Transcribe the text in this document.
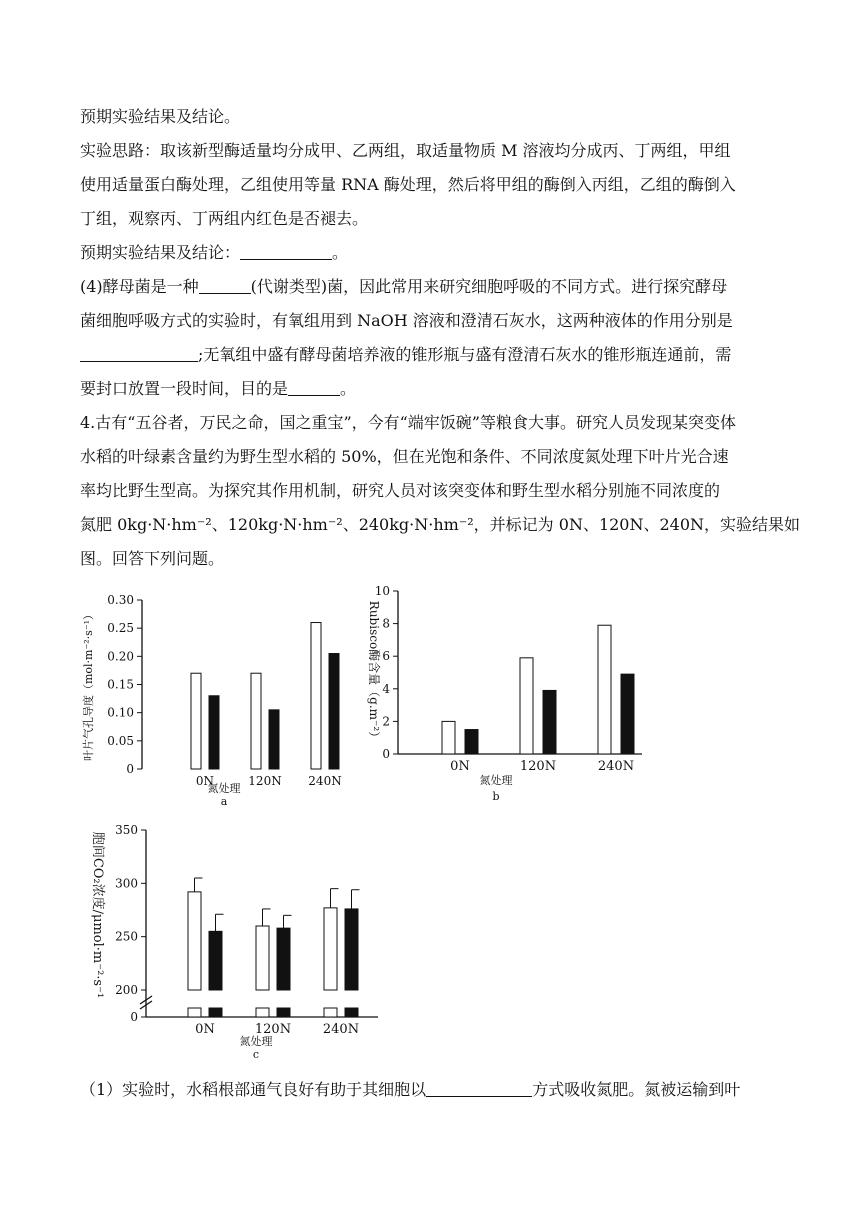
预期实验结果及结论。
实验思路：取该新型酶适量均分成甲、乙两组，取适量物质 M 溶液均分成丙、丁两组，甲组
使用适量蛋白酶处理，乙组使用等量 RNA 酶处理，然后将甲组的酶倒入丙组，乙组的酶倒入
丁组，观察丙、丁两组内红色是否褪去。
预期实验结果及结论：	。
(4)酵母菌是一种	(代谢类型)菌，因此常用来研究细胞呼吸的不同方式。进行探究酵母
菌细胞呼吸方式的实验时，有氧组用到 NaOH 溶液和澄清石灰水，这两种液体的作用分别是
;无氧组中盛有酵母菌培养液的锥形瓶与盛有澄清石灰水的锥形瓶连通前，需
要封口放置一段时间，目的是	。
4.古有“五谷者，万民之命，国之重宝”，今有“端牢饭碗”等粮食大事。研究人员发现某突变体
水稻的叶绿素含量约为野生型水稻的 50%，但在光饱和条件、不同浓度氮处理下叶片光合速
率均比野生型高。为探究其作用机制，研究人员对该突变体和野生型水稻分别施不同浓度的
氮肥 0kg·N·hm⁻²、120kg·N·hm⁻²、240kg·N·hm⁻²，并标记为 0N、120N、240N，实验结果如
图。回答下列问题。
（1）实验时，水稻根部通气良好有助于其细胞以	方式吸收氮肥。氮被运输到叶
0
0.05
0.10
0.15
0.20
0.25
0.30
0N	120N 240N
氮处理
a
叶片气孔导度（mol·m⁻²·s⁻¹）	0
2
4
6
8
10
0N	120N	240N
氮处理
b
Rubisco酶含量（g.m⁻²）
0
200
250
300
350
0N	120N 240N
氮处理
c
胞间CO₂浓度/μmol·m⁻²·s⁻¹
